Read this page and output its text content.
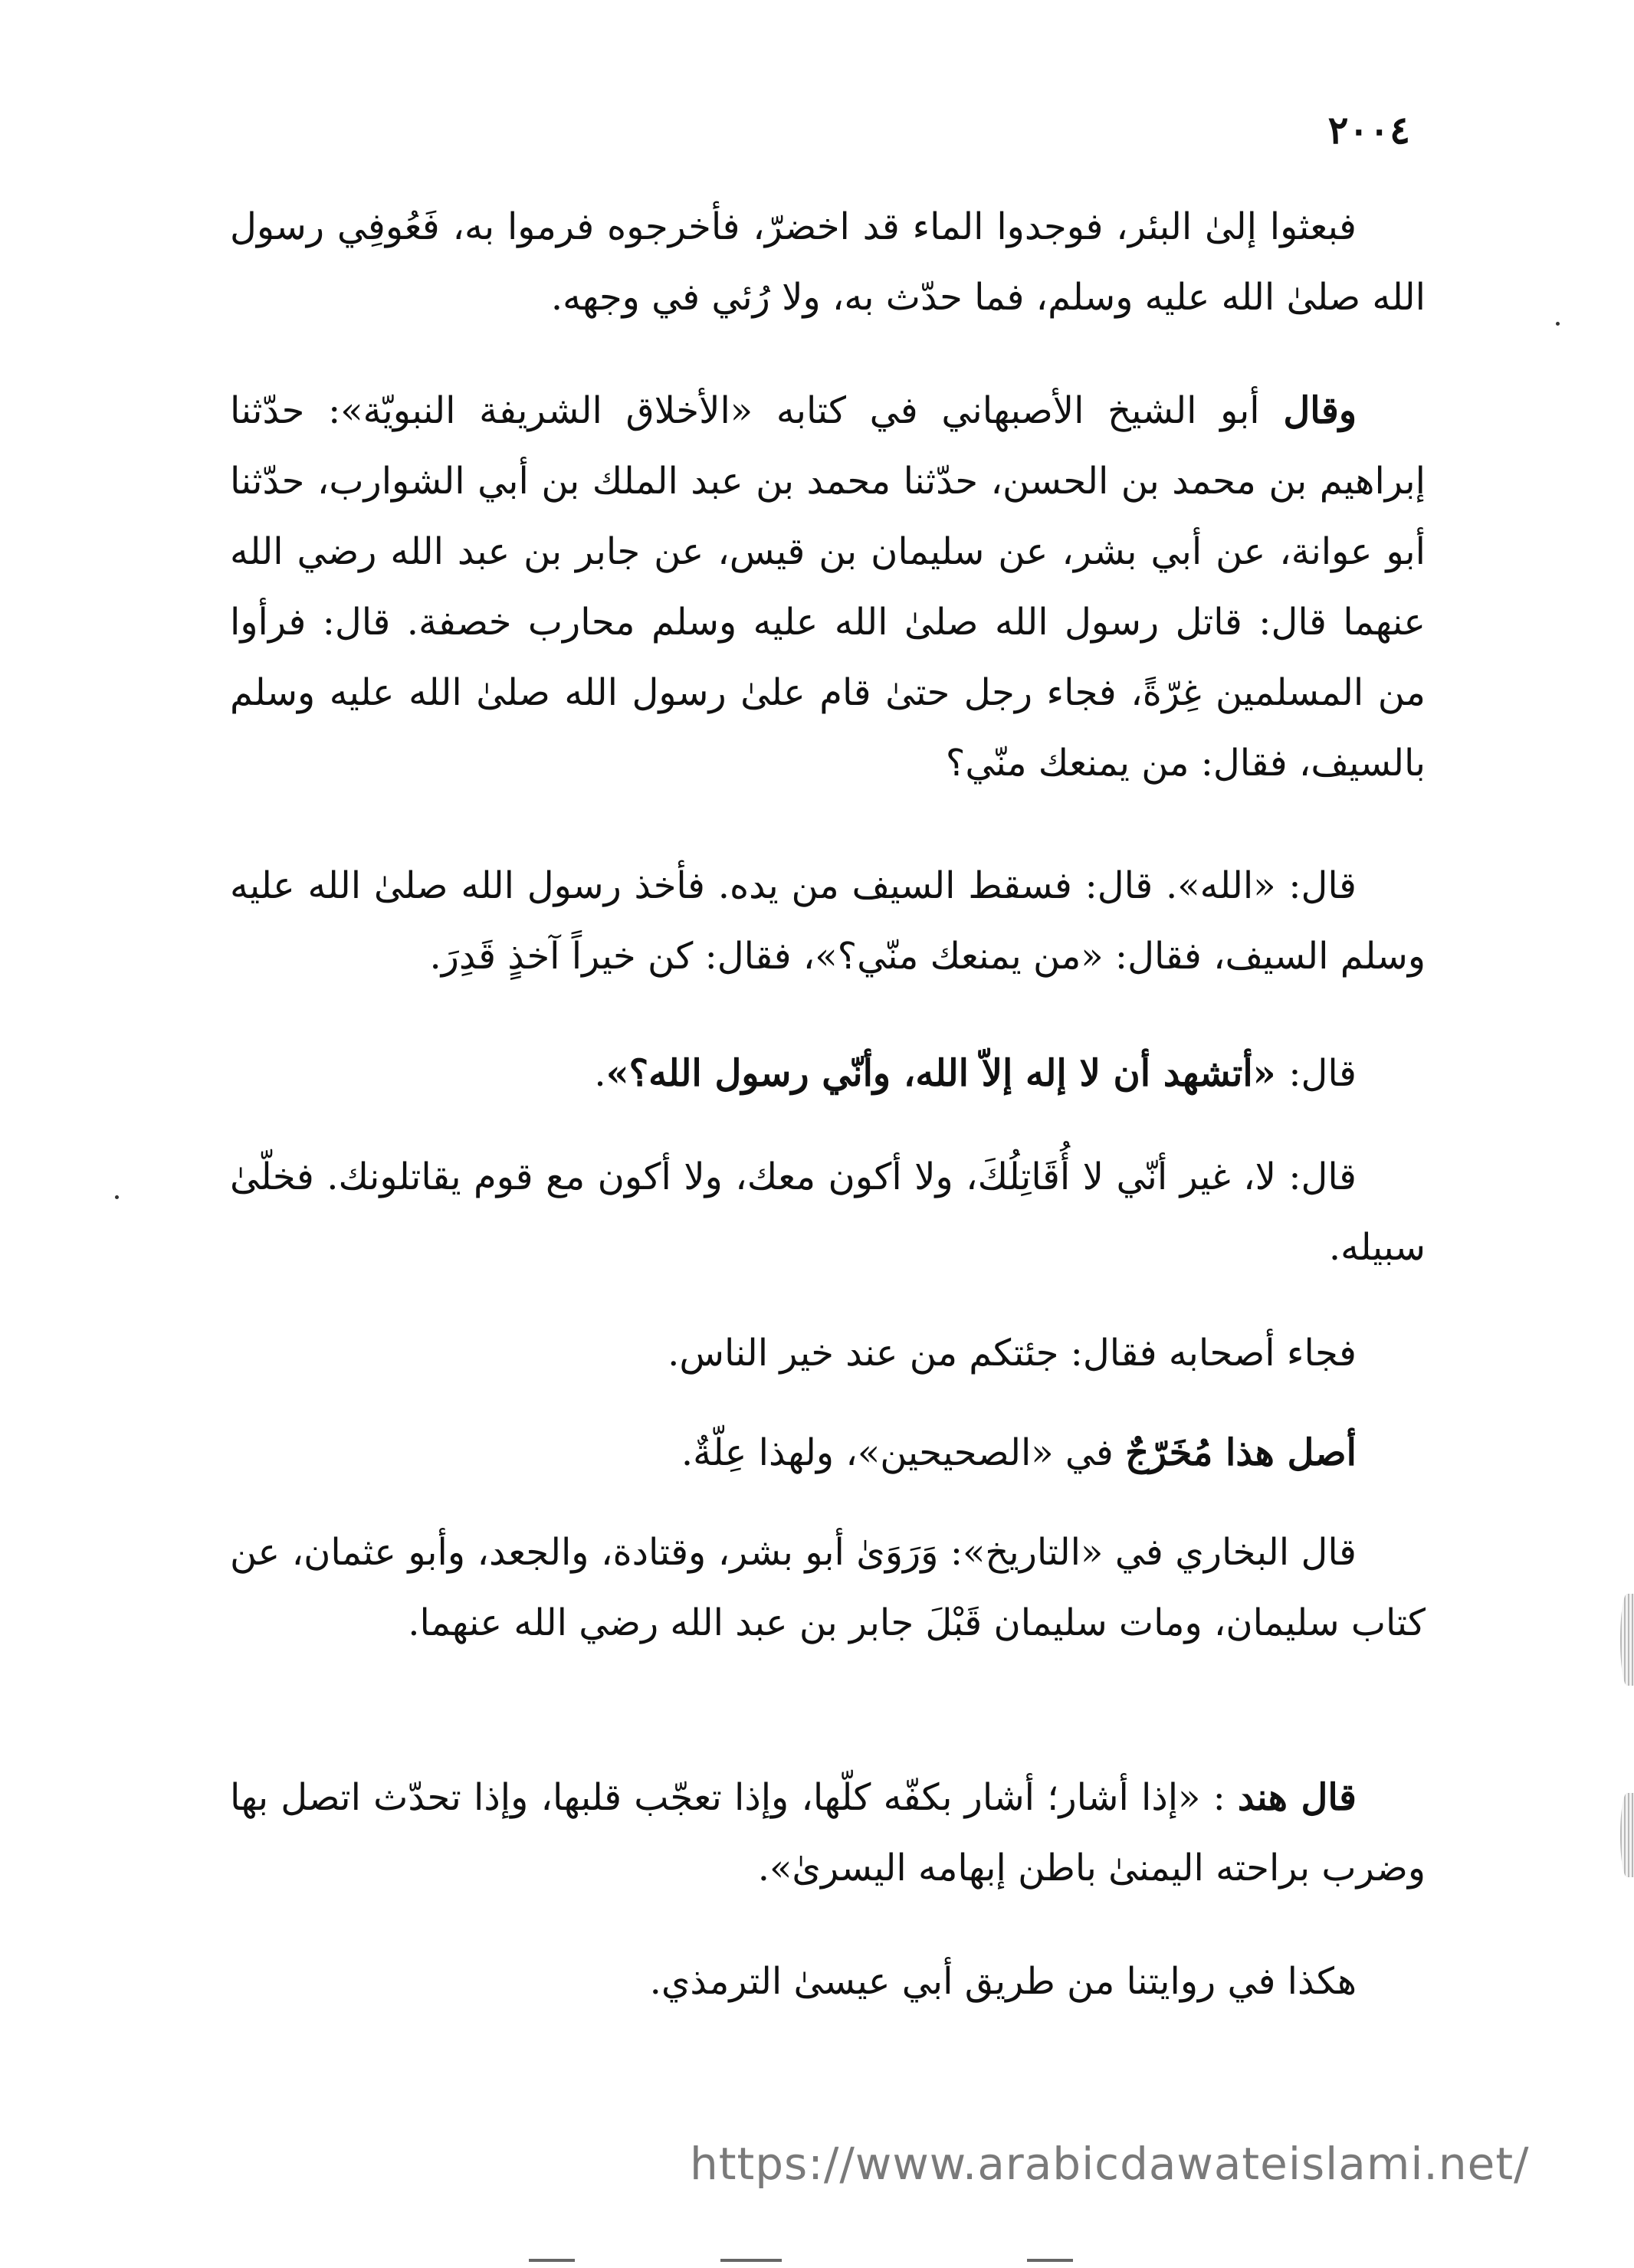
٢٠٠٤

فبعثوا إلىٰ البئر، فوجدوا الماء قد اخضرّ، فأخرجوه فرموا به، فَعُوفِي رسول الله صلىٰ الله عليه وسلم، فما حدّث به، ولا رُئي في وجهه.

وقال أبو الشيخ الأصبهاني في كتابه «الأخلاق الشريفة النبويّة»: حدّثنا إبراهيم بن محمد بن الحسن، حدّثنا محمد بن عبد الملك بن أبي الشوارب، حدّثنا أبو عوانة، عن أبي بشر، عن سليمان بن قيس، عن جابر بن عبد الله رضي الله عنهما قال: قاتل رسول الله صلىٰ الله عليه وسلم محارب خصفة. قال: فرأوا من المسلمين غِرّةً، فجاء رجل حتىٰ قام علىٰ رسول الله صلىٰ الله عليه وسلم بالسيف، فقال: من يمنعك منّي؟

قال: «الله». قال: فسقط السيف من يده. فأخذ رسول الله صلىٰ الله عليه وسلم السيف، فقال: «من يمنعك منّي؟»، فقال: كن خيراً آخذٍ قَدِرَ.

قال: «أتشهد أن لا إله إلاّ الله، وأنّي رسول الله؟».

قال: لا، غير أنّي لا أُقَاتِلُكَ، ولا أكون معك، ولا أكون مع قوم يقاتلونك. فخلّىٰ سبيله.

فجاء أصحابه فقال: جئتكم من عند خير الناس.

أصل هذا مُخَرّجٌ في «الصحيحين»، ولهذا عِلّةٌ.

قال البخاري في «التاريخ»: وَرَوَىٰ أبو بشر، وقتادة، والجعد، وأبو عثمان، عن كتاب سليمان، ومات سليمان قَبْلَ جابر بن عبد الله رضي الله عنهما.

قال هند : «إذا أشار؛ أشار بكفّه كلّها، وإذا تعجّب قلبها، وإذا تحدّث اتصل بها وضرب براحته اليمنىٰ باطن إبهامه اليسرىٰ».

هكذا في روايتنا من طريق أبي عيسىٰ الترمذي.

https://www.arabicdawateislami.net/
